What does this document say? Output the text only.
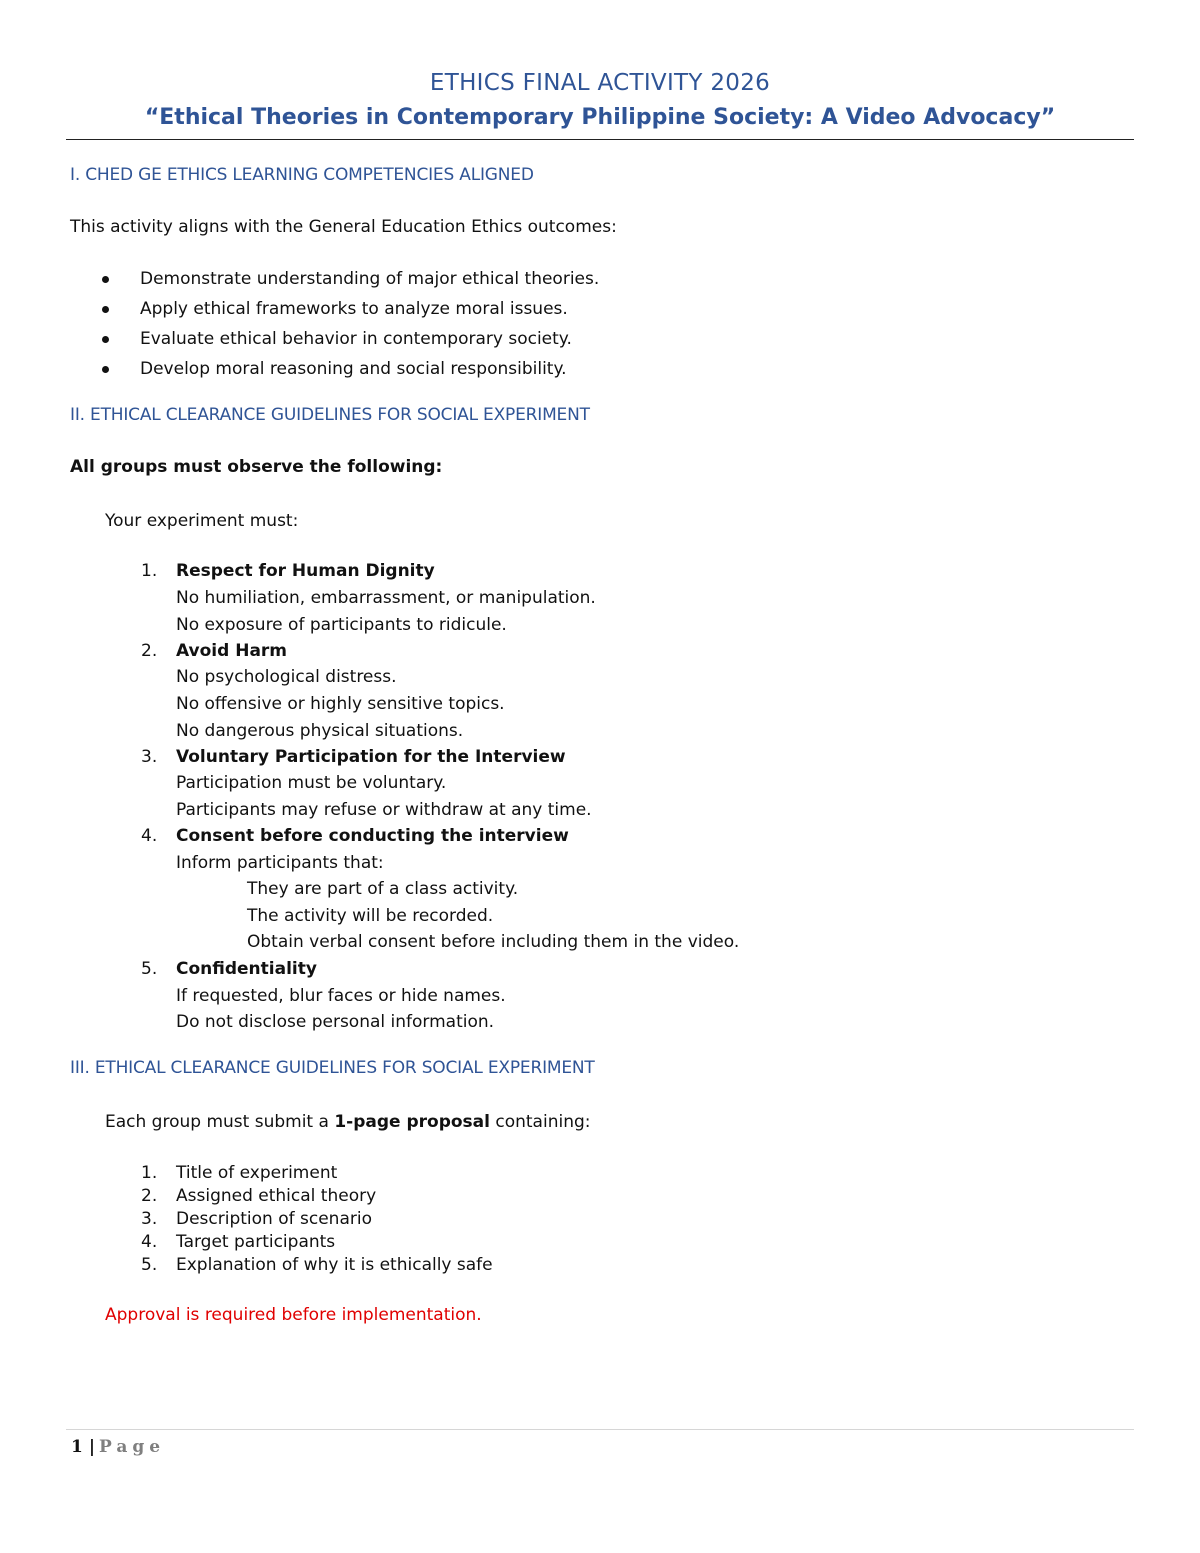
ETHICS FINAL ACTIVITY 2026
“Ethical Theories in Contemporary Philippine Society: A Video Advocacy”
I. CHED GE ETHICS LEARNING COMPETENCIES ALIGNED
This activity aligns with the General Education Ethics outcomes:
Demonstrate understanding of major ethical theories.
Apply ethical frameworks to analyze moral issues.
Evaluate ethical behavior in contemporary society.
Develop moral reasoning and social responsibility.
II. ETHICAL CLEARANCE GUIDELINES FOR SOCIAL EXPERIMENT
All groups must observe the following:
Your experiment must:
1. Respect for Human Dignity
No humiliation, embarrassment, or manipulation.
No exposure of participants to ridicule.
2. Avoid Harm
No psychological distress.
No offensive or highly sensitive topics.
No dangerous physical situations.
3. Voluntary Participation for the Interview
Participation must be voluntary.
Participants may refuse or withdraw at any time.
4. Consent before conducting the interview
Inform participants that:
They are part of a class activity.
The activity will be recorded.
Obtain verbal consent before including them in the video.
5. Confidentiality
If requested, blur faces or hide names.
Do not disclose personal information.
III. ETHICAL CLEARANCE GUIDELINES FOR SOCIAL EXPERIMENT
Each group must submit a 1-page proposal containing:
1. Title of experiment
2. Assigned ethical theory
3. Description of scenario
4. Target participants
5. Explanation of why it is ethically safe
Approval is required before implementation.
1 | Page
